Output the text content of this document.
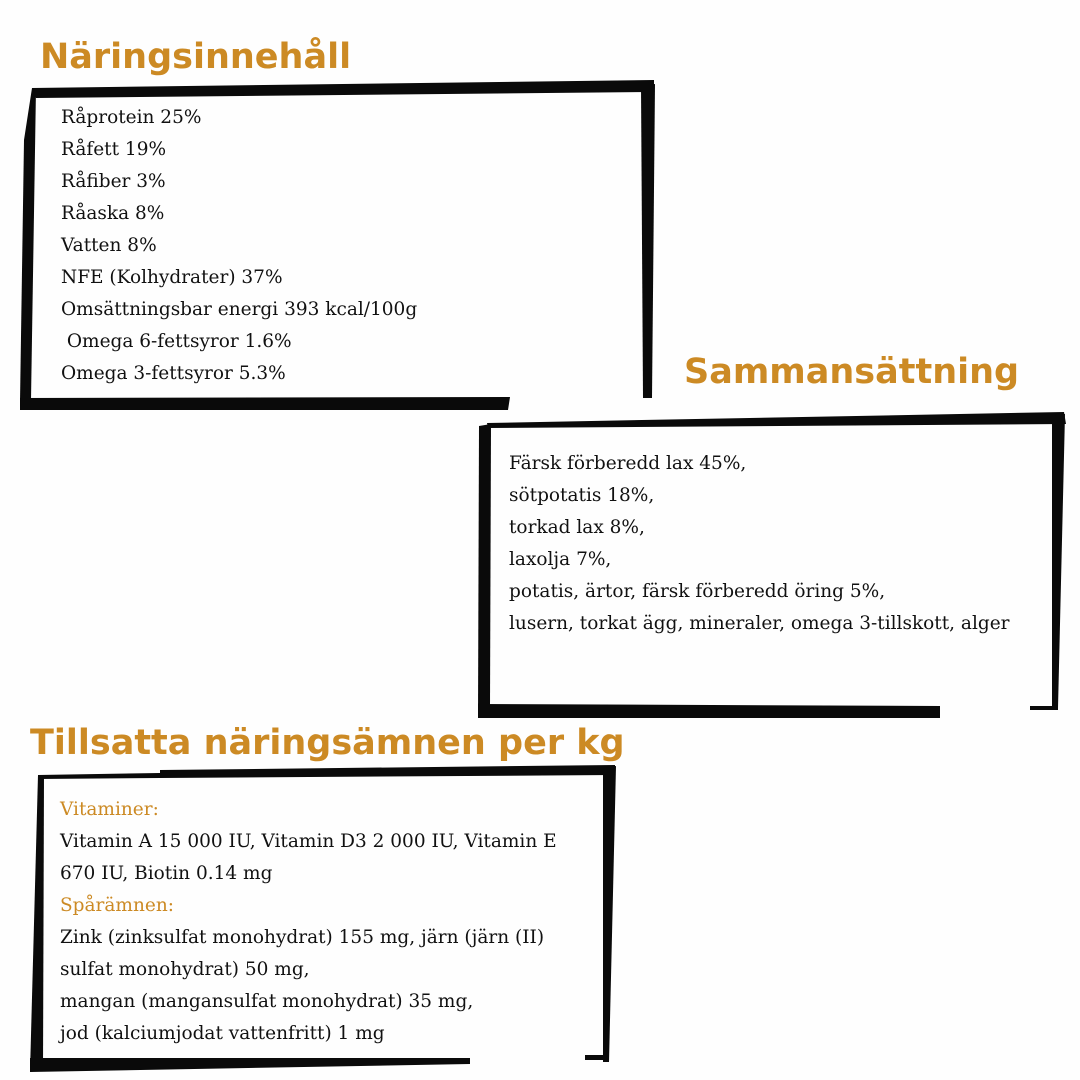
Näringsinnehåll
Sammansättning
Tillsatta näringsämnen per kg
Råprotein 25%
Råfett 19%
Råfiber 3%
Råaska 8%
Vatten 8%
NFE (Kolhydrater) 37%
Omsättningsbar energi 393 kcal/100g
Omega 6-fettsyror 1.6%
Omega 3-fettsyror 5.3%
Färsk förberedd lax 45%,
sötpotatis 18%,
torkad lax 8%,
laxolja 7%,
potatis, ärtor, färsk förberedd öring 5%,
lusern, torkat ägg, mineraler, omega 3-tillskott, alger

Vitaminer:

Vitamin A 15 000 IU, Vitamin D3 2 000 IU, Vitamin E 670 IU, Biotin 0.14 mg

Spårämnen:

Zink (zinksulfat monohydrat) 155 mg, järn (järn (II) sulfat monohydrat) 50 mg,

mangan (mangansulfat monohydrat) 35 mg,

jod (kalciumjodat vattenfritt) 1 mg
